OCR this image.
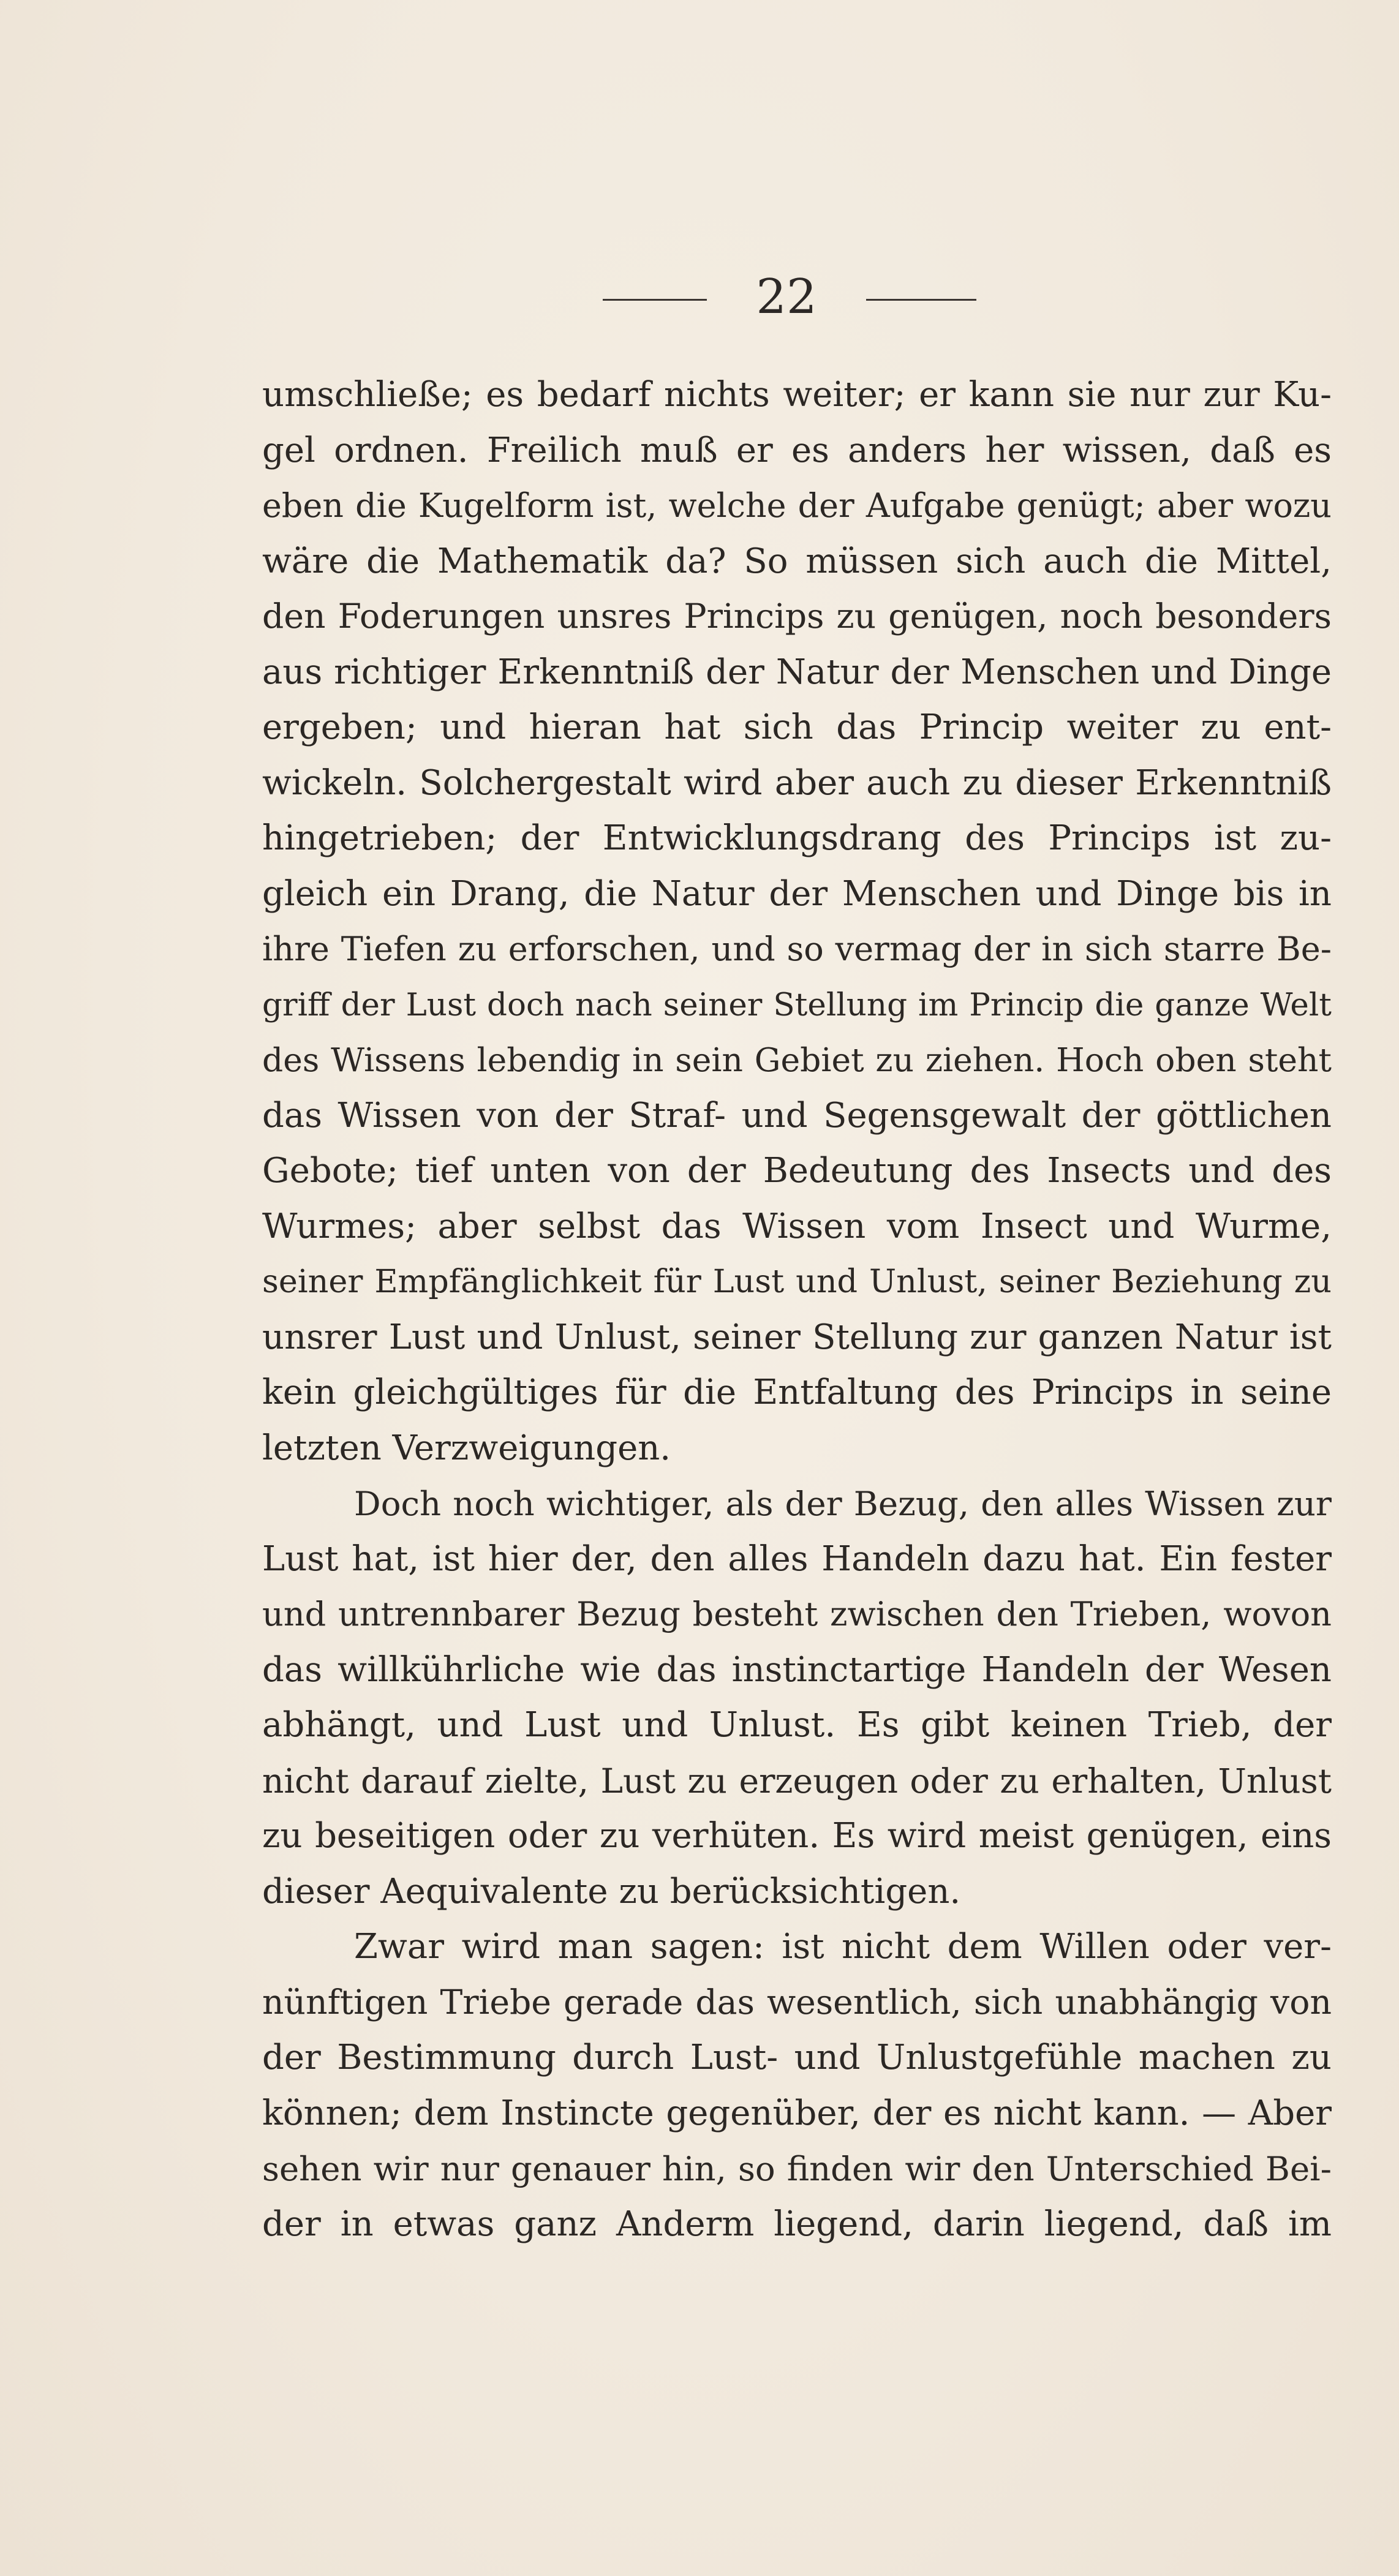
22
umschließe; es bedarf nichts weiter; er kann sie nur zur Ku-
gel ordnen. Freilich muß er es anders her wissen, daß es
eben die Kugelform ist, welche der Aufgabe genügt; aber wozu
wäre die Mathematik da? So müssen sich auch die Mittel,
den Foderungen unsres Princips zu genügen, noch besonders
aus richtiger Erkenntniß der Natur der Menschen und Dinge
ergeben; und hieran hat sich das Princip weiter zu ent-
wickeln. Solchergestalt wird aber auch zu dieser Erkenntniß
hingetrieben; der Entwicklungsdrang des Princips ist zu-
gleich ein Drang, die Natur der Menschen und Dinge bis in
ihre Tiefen zu erforschen, und so vermag der in sich starre Be-
griff der Lust doch nach seiner Stellung im Princip die ganze Welt
des Wissens lebendig in sein Gebiet zu ziehen. Hoch oben steht
das Wissen von der Straf- und Segensgewalt der göttlichen
Gebote; tief unten von der Bedeutung des Insects und des
Wurmes; aber selbst das Wissen vom Insect und Wurme,
seiner Empfänglichkeit für Lust und Unlust, seiner Beziehung zu
unsrer Lust und Unlust, seiner Stellung zur ganzen Natur ist
kein gleichgültiges für die Entfaltung des Princips in seine
letzten Verzweigungen.
Doch noch wichtiger, als der Bezug, den alles Wissen zur
Lust hat, ist hier der, den alles Handeln dazu hat. Ein fester
und untrennbarer Bezug besteht zwischen den Trieben, wovon
das willkührliche wie das instinctartige Handeln der Wesen
abhängt, und Lust und Unlust. Es gibt keinen Trieb, der
nicht darauf zielte, Lust zu erzeugen oder zu erhalten, Unlust
zu beseitigen oder zu verhüten. Es wird meist genügen, eins
dieser Aequivalente zu berücksichtigen.
Zwar wird man sagen: ist nicht dem Willen oder ver-
nünftigen Triebe gerade das wesentlich, sich unabhängig von
der Bestimmung durch Lust- und Unlustgefühle machen zu
können; dem Instincte gegenüber, der es nicht kann. — Aber
sehen wir nur genauer hin, so finden wir den Unterschied Bei-
der in etwas ganz Anderm liegend, darin liegend, daß im
